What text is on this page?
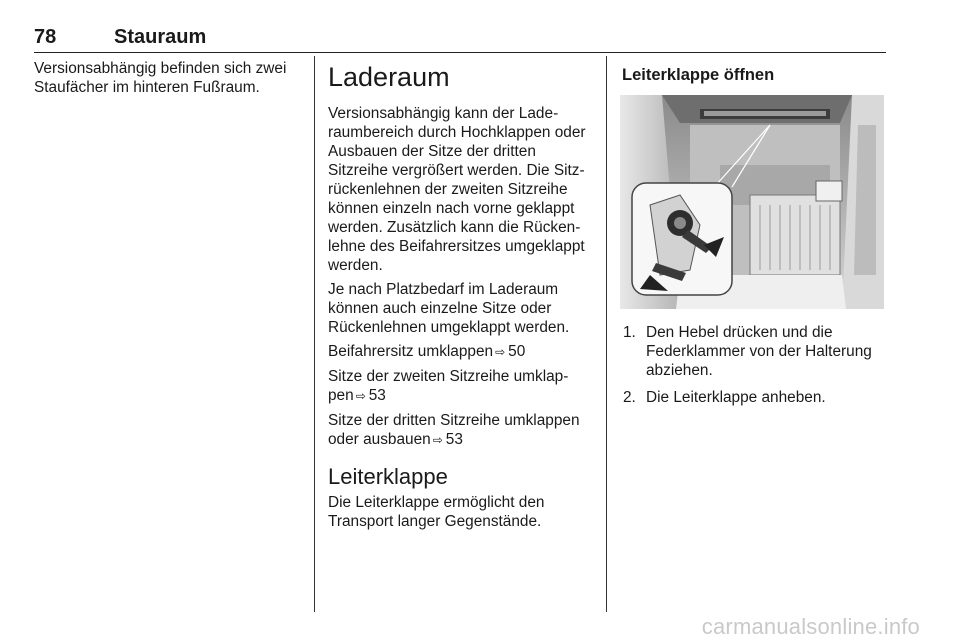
78	Stauraum

Versionsabhängig befinden sich zwei Staufächer im hinteren Fußraum.	Laderaum

Versionsabhängig kann der Laderaumbereich durch Hochklappen oder Ausbauen der Sitze der dritten Sitzreihe vergrößert werden. Die Sitzrückenlehnen der zweiten Sitzreihe können einzeln nach vorne geklappt werden. Zusätzlich kann die Rückenlehne des Beifahrersitzes umgeklappt werden.

Je nach Platzbedarf im Laderaum können auch einzelne Sitze oder Rückenlehnen umgeklappt werden.

Beifahrersitz umklappen ⇨ 50

Sitze der zweiten Sitzreihe umklappen ⇨ 53

Sitze der dritten Sitzreihe umklappen oder ausbauen ⇨ 53

Leiterklappe

Die Leiterklappe ermöglicht den Transport langer Gegenstände.

Leiterklappe öffnen
1. Den Hebel drücken und die Federklammer von der Halterung abziehen.
2. Die Leiterklappe anheben.
carmanualsonline.info
